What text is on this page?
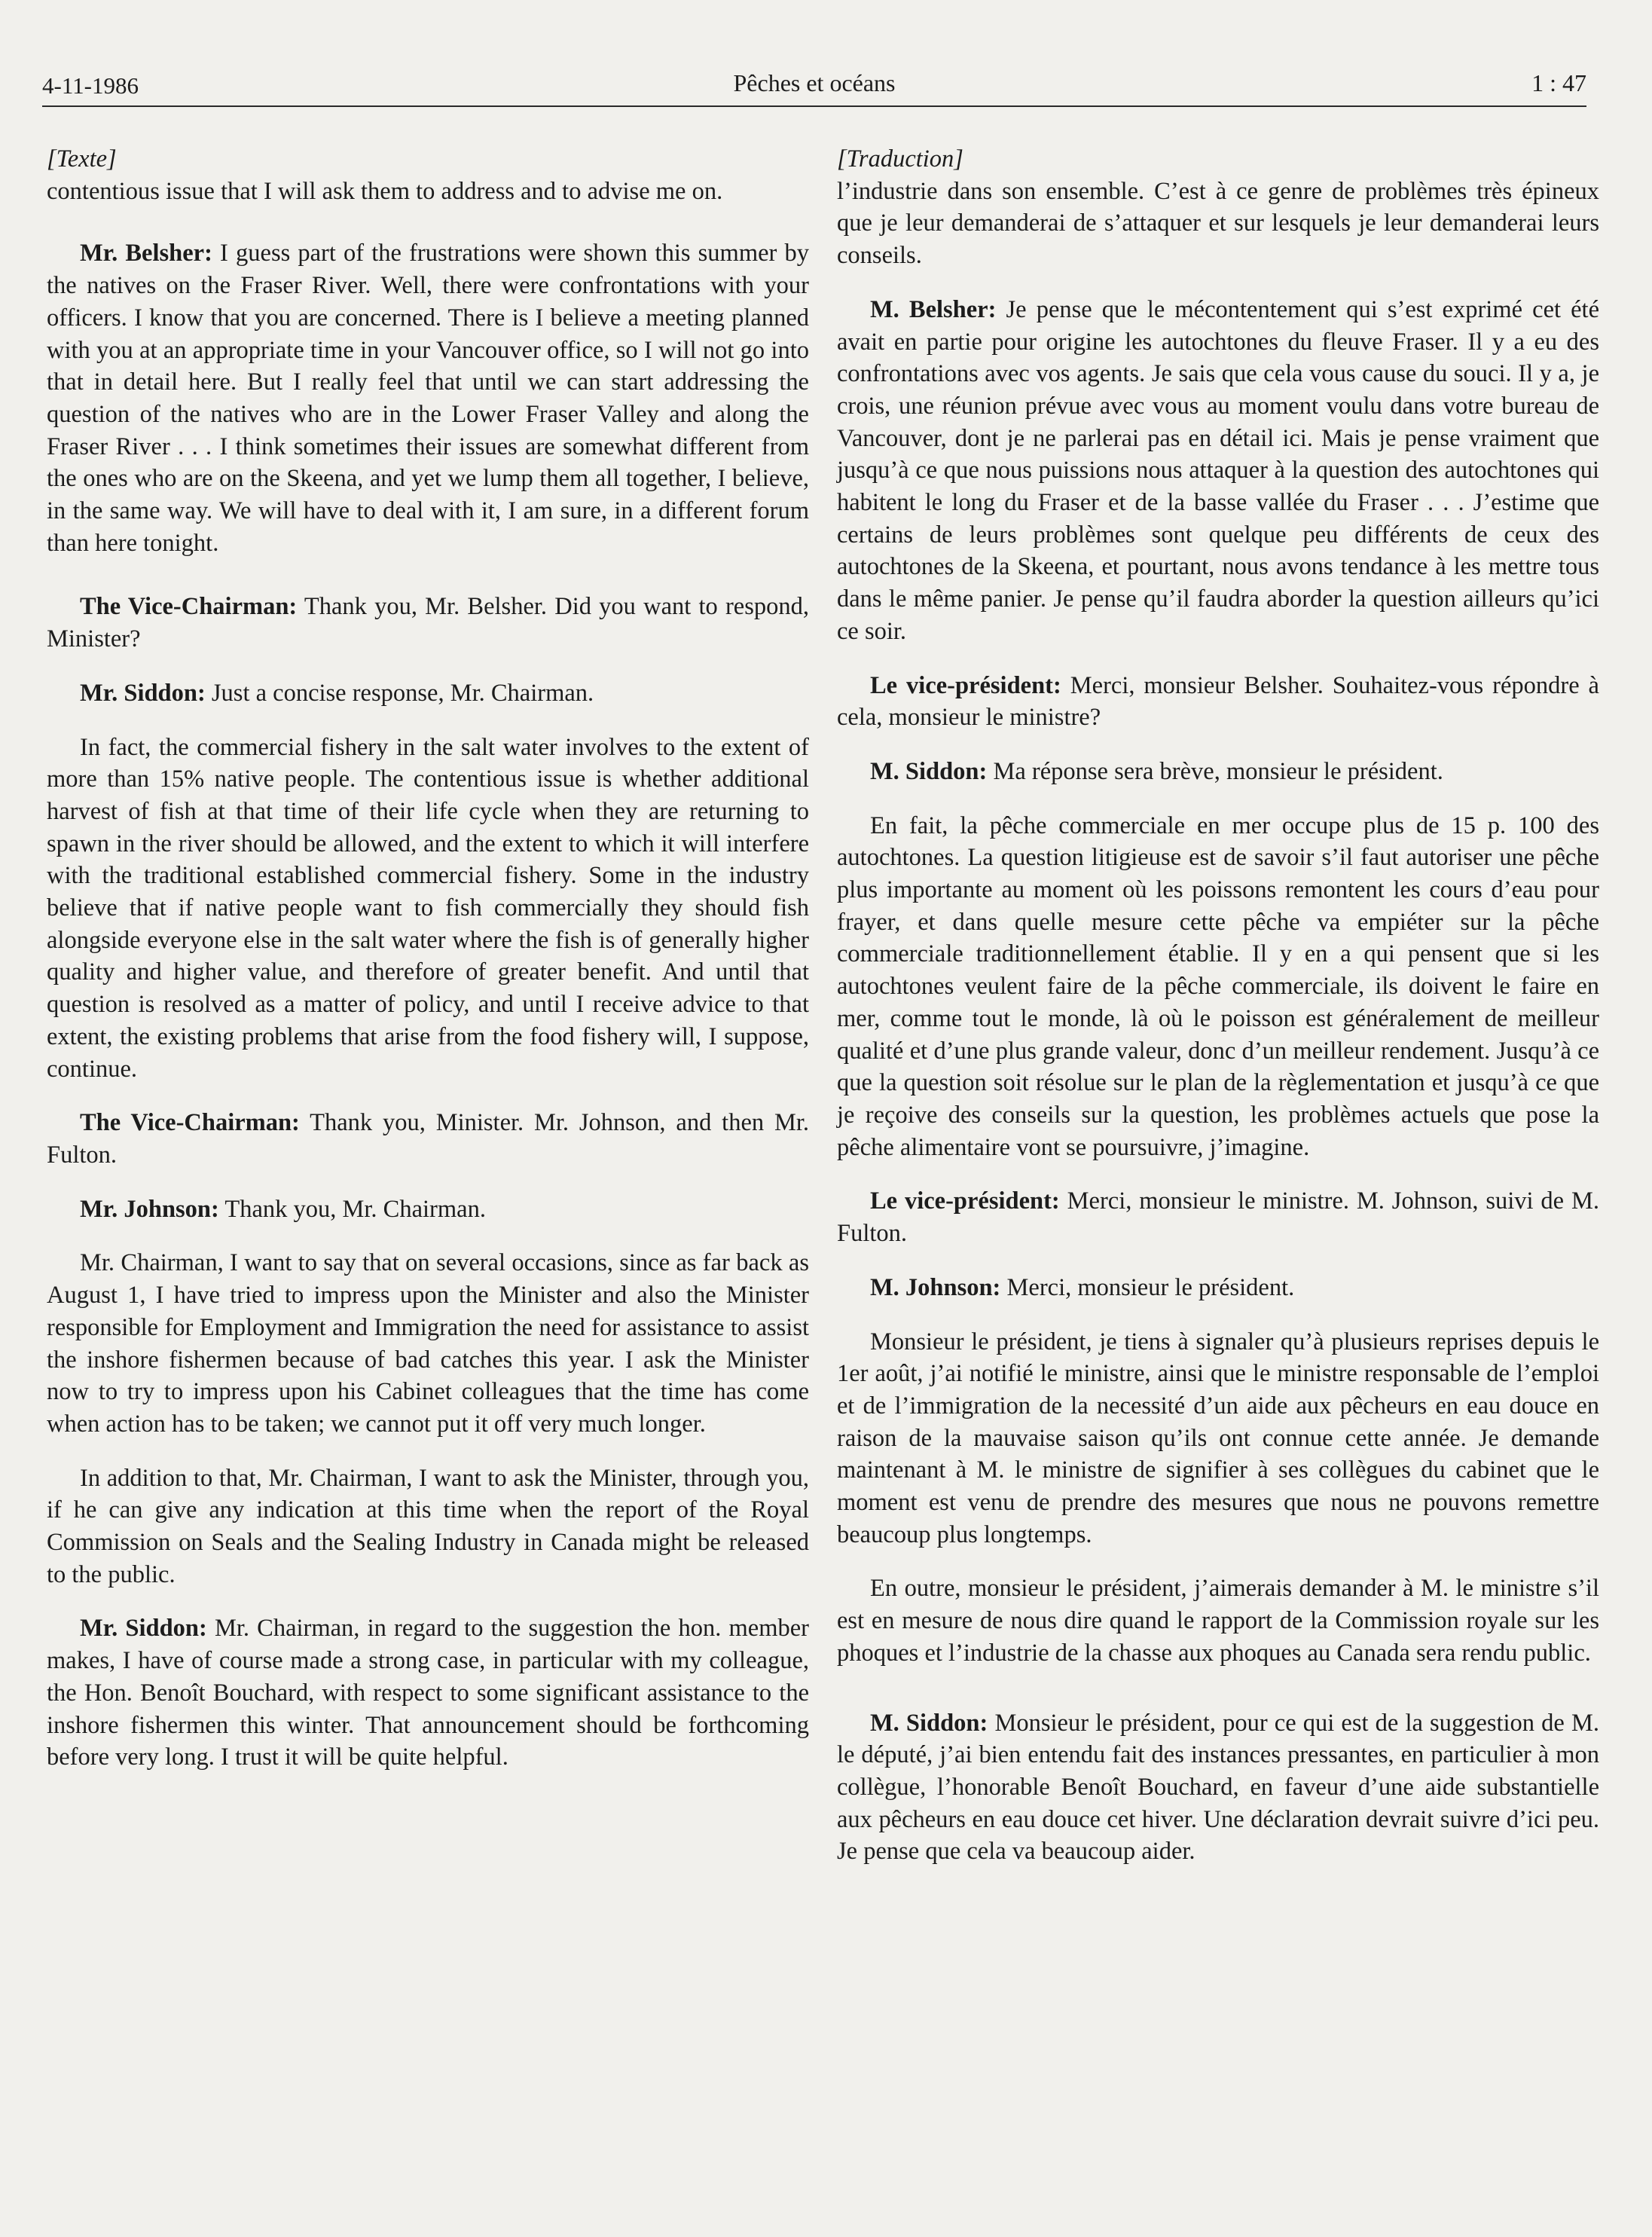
4-11-1986	Pêches et océans	1 : 47

[Texte]

contentious issue that I will ask them to address and to advise me on.

Mr. Belsher: I guess part of the frustrations were shown this summer by the natives on the Fraser River. Well, there were confrontations with your officers. I know that you are concerned. There is I believe a meeting planned with you at an appropriate time in your Vancouver office, so I will not go into that in detail here. But I really feel that until we can start addressing the question of the natives who are in the Lower Fraser Valley and along the Fraser River . . . I think sometimes their issues are somewhat different from the ones who are on the Skeena, and yet we lump them all together, I believe, in the same way. We will have to deal with it, I am sure, in a different forum than here tonight.

The Vice-Chairman: Thank you, Mr. Belsher. Did you want to respond, Minister?

Mr. Siddon: Just a concise response, Mr. Chairman.

In fact, the commercial fishery in the salt water involves to the extent of more than 15% native people. The contentious issue is whether additional harvest of fish at that time of their life cycle when they are returning to spawn in the river should be allowed, and the extent to which it will interfere with the traditional established commercial fishery. Some in the industry believe that if native people want to fish commercially they should fish alongside everyone else in the salt water where the fish is of generally higher quality and higher value, and therefore of greater benefit. And until that question is resolved as a matter of policy, and until I receive advice to that extent, the existing problems that arise from the food fishery will, I suppose, continue.

The Vice-Chairman: Thank you, Minister. Mr. Johnson, and then Mr. Fulton.

Mr. Johnson: Thank you, Mr. Chairman.

Mr. Chairman, I want to say that on several occasions, since as far back as August 1, I have tried to impress upon the Minister and also the Minister responsible for Employment and Immigration the need for assistance to assist the inshore fishermen because of bad catches this year. I ask the Minister now to try to impress upon his Cabinet colleagues that the time has come when action has to be taken; we cannot put it off very much longer.

In addition to that, Mr. Chairman, I want to ask the Minister, through you, if he can give any indication at this time when the report of the Royal Commission on Seals and the Sealing Industry in Canada might be released to the public.

Mr. Siddon: Mr. Chairman, in regard to the suggestion the hon. member makes, I have of course made a strong case, in particular with my colleague, the Hon. Benoît Bouchard, with respect to some significant assistance to the inshore fishermen this winter. That announcement should be forthcoming before very long. I trust it will be quite helpful.

[Traduction]

l’industrie dans son ensemble. C’est à ce genre de problèmes très épineux que je leur demanderai de s’attaquer et sur lesquels je leur demanderai leurs conseils.

M. Belsher: Je pense que le mécontentement qui s’est exprimé cet été avait en partie pour origine les autochtones du fleuve Fraser. Il y a eu des confrontations avec vos agents. Je sais que cela vous cause du souci. Il y a, je crois, une réunion prévue avec vous au moment voulu dans votre bureau de Vancouver, dont je ne parlerai pas en détail ici. Mais je pense vraiment que jusqu’à ce que nous puissions nous attaquer à la question des autochtones qui habitent le long du Fraser et de la basse vallée du Fraser . . . J’estime que certains de leurs problèmes sont quelque peu différents de ceux des autochtones de la Skeena, et pourtant, nous avons tendance à les mettre tous dans le même panier. Je pense qu’il faudra aborder la question ailleurs qu’ici ce soir.

Le vice-président: Merci, monsieur Belsher. Souhaitez-vous répondre à cela, monsieur le ministre?

M. Siddon: Ma réponse sera brève, monsieur le président.

En fait, la pêche commerciale en mer occupe plus de 15 p. 100 des autochtones. La question litigieuse est de savoir s’il faut autoriser une pêche plus importante au moment où les poissons remontent les cours d’eau pour frayer, et dans quelle mesure cette pêche va empiéter sur la pêche commerciale traditionnellement établie. Il y en a qui pensent que si les autochtones veulent faire de la pêche commerciale, ils doivent le faire en mer, comme tout le monde, là où le poisson est généralement de meilleur qualité et d’une plus grande valeur, donc d’un meilleur rendement. Jusqu’à ce que la question soit résolue sur le plan de la règlementation et jusqu’à ce que je reçoive des conseils sur la question, les problèmes actuels que pose la pêche alimentaire vont se poursuivre, j’imagine.

Le vice-président: Merci, monsieur le ministre. M. Johnson, suivi de M. Fulton.

M. Johnson: Merci, monsieur le président.

Monsieur le président, je tiens à signaler qu’à plusieurs reprises depuis le 1er août, j’ai notifié le ministre, ainsi que le ministre responsable de l’emploi et de l’immigration de la necessité d’un aide aux pêcheurs en eau douce en raison de la mauvaise saison qu’ils ont connue cette année. Je demande maintenant à M. le ministre de signifier à ses collègues du cabinet que le moment est venu de prendre des mesures que nous ne pouvons remettre beaucoup plus longtemps.

En outre, monsieur le président, j’aimerais demander à M. le ministre s’il est en mesure de nous dire quand le rapport de la Commission royale sur les phoques et l’industrie de la chasse aux phoques au Canada sera rendu public.

M. Siddon: Monsieur le président, pour ce qui est de la suggestion de M. le député, j’ai bien entendu fait des instances pressantes, en particulier à mon collègue, l’honorable Benoît Bouchard, en faveur d’une aide substantielle aux pêcheurs en eau douce cet hiver. Une déclaration devrait suivre d’ici peu. Je pense que cela va beaucoup aider.
